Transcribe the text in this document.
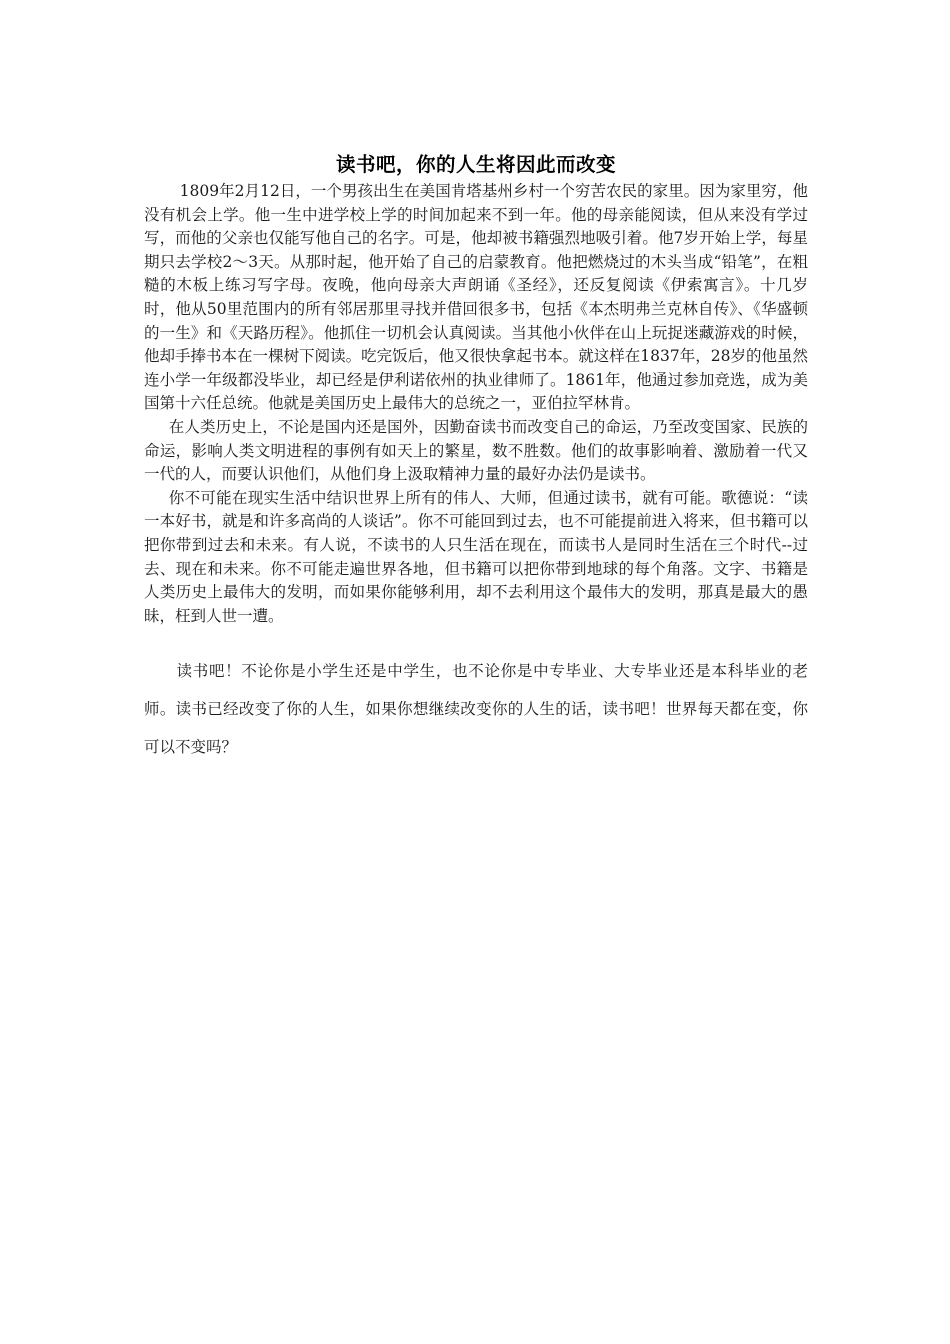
读书吧，你的人生将因此而改变

1809年2月12日，一个男孩出生在美国肯塔基州乡村一个穷苦农民的家里。因为家里穷，他没有机会上学。他一生中进学校上学的时间加起来不到一年。他的母亲能阅读，但从来没有学过写，而他的父亲也仅能写他自己的名字。可是，他却被书籍强烈地吸引着。他7岁开始上学，每星期只去学校2～3天。从那时起，他开始了自己的启蒙教育。他把燃烧过的木头当成“铅笔”，在粗糙的木板上练习写字母。夜晚，他向母亲大声朗诵《圣经》，还反复阅读《伊索寓言》。十几岁时，他从50里范围内的所有邻居那里寻找并借回很多书，包括《本杰明弗兰克林自传》、《华盛顿的一生》和《天路历程》。他抓住一切机会认真阅读。当其他小伙伴在山上玩捉迷藏游戏的时候，他却手捧书本在一棵树下阅读。吃完饭后，他又很快拿起书本。就这样在1837年，28岁的他虽然连小学一年级都没毕业，却已经是伊利诺依州的执业律师了。1861年，他通过参加竞选，成为美国第十六任总统。他就是美国历史上最伟大的总统之一，亚伯拉罕林肯。

在人类历史上，不论是国内还是国外，因勤奋读书而改变自己的命运，乃至改变国家、民族的命运，影响人类文明进程的事例有如天上的繁星，数不胜数。他们的故事影响着、激励着一代又一代的人，而要认识他们，从他们身上汲取精神力量的最好办法仍是读书。

你不可能在现实生活中结识世界上所有的伟人、大师，但通过读书，就有可能。歌德说：“读一本好书，就是和许多高尚的人谈话”。你不可能回到过去，也不可能提前进入将来，但书籍可以把你带到过去和未来。有人说，不读书的人只生活在现在，而读书人是同时生活在三个时代--过去、现在和未来。你不可能走遍世界各地，但书籍可以把你带到地球的每个角落。文字、书籍是人类历史上最伟大的发明，而如果你能够利用，却不去利用这个最伟大的发明，那真是最大的愚昧，枉到人世一遭。

读书吧！不论你是小学生还是中学生，也不论你是中专毕业、大专毕业还是本科毕业的老师。读书已经改变了你的人生，如果你想继续改变你的人生的话，读书吧！世界每天都在变，你可以不变吗？
